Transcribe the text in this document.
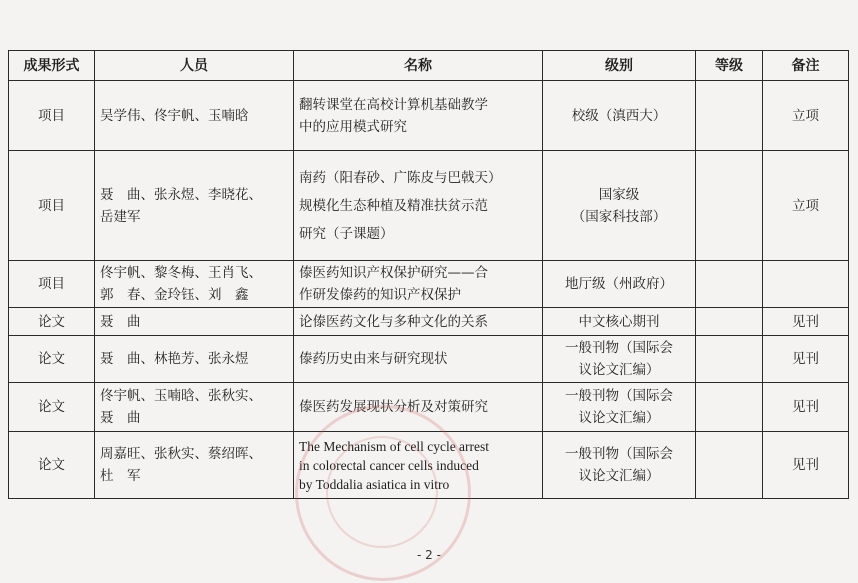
成果形式	人员	名称	级别	等级	备注
项目	吴学伟、佟宇帆、玉喃晗	翻转课堂在高校计算机基础教学
中的应用模式研究	校级（滇西大）		立项
项目	聂　曲、张永煜、李晓花、
岳建军	南药（阳春砂、广陈皮与巴戟天）
规模化生态种植及精准扶贫示范
研究（子课题）	国家级
（国家科技部）		立项
项目	佟宇帆、黎冬梅、王肖飞、
郭　春、金玲钰、刘　鑫	傣医药知识产权保护研究——合
作研发傣药的知识产权保护	地厅级（州政府）		
论文	聂　曲	论傣医药文化与多种文化的关系	中文核心期刊		见刊
论文	聂　曲、林艳芳、张永煜	傣药历史由来与研究现状	一般刊物（国际会
议论文汇编）		见刊
论文	佟宇帆、玉喃晗、张秋实、
聂　曲	傣医药发展现状分析及对策研究	一般刊物（国际会
议论文汇编）		见刊
论文	周嘉旺、张秋实、蔡绍晖、
杜　军	The Mechanism of cell cycle arrest
in colorectal cancer cells induced
by Toddalia asiatica in vitro	一般刊物（国际会
议论文汇编）		见刊
- 2 -
